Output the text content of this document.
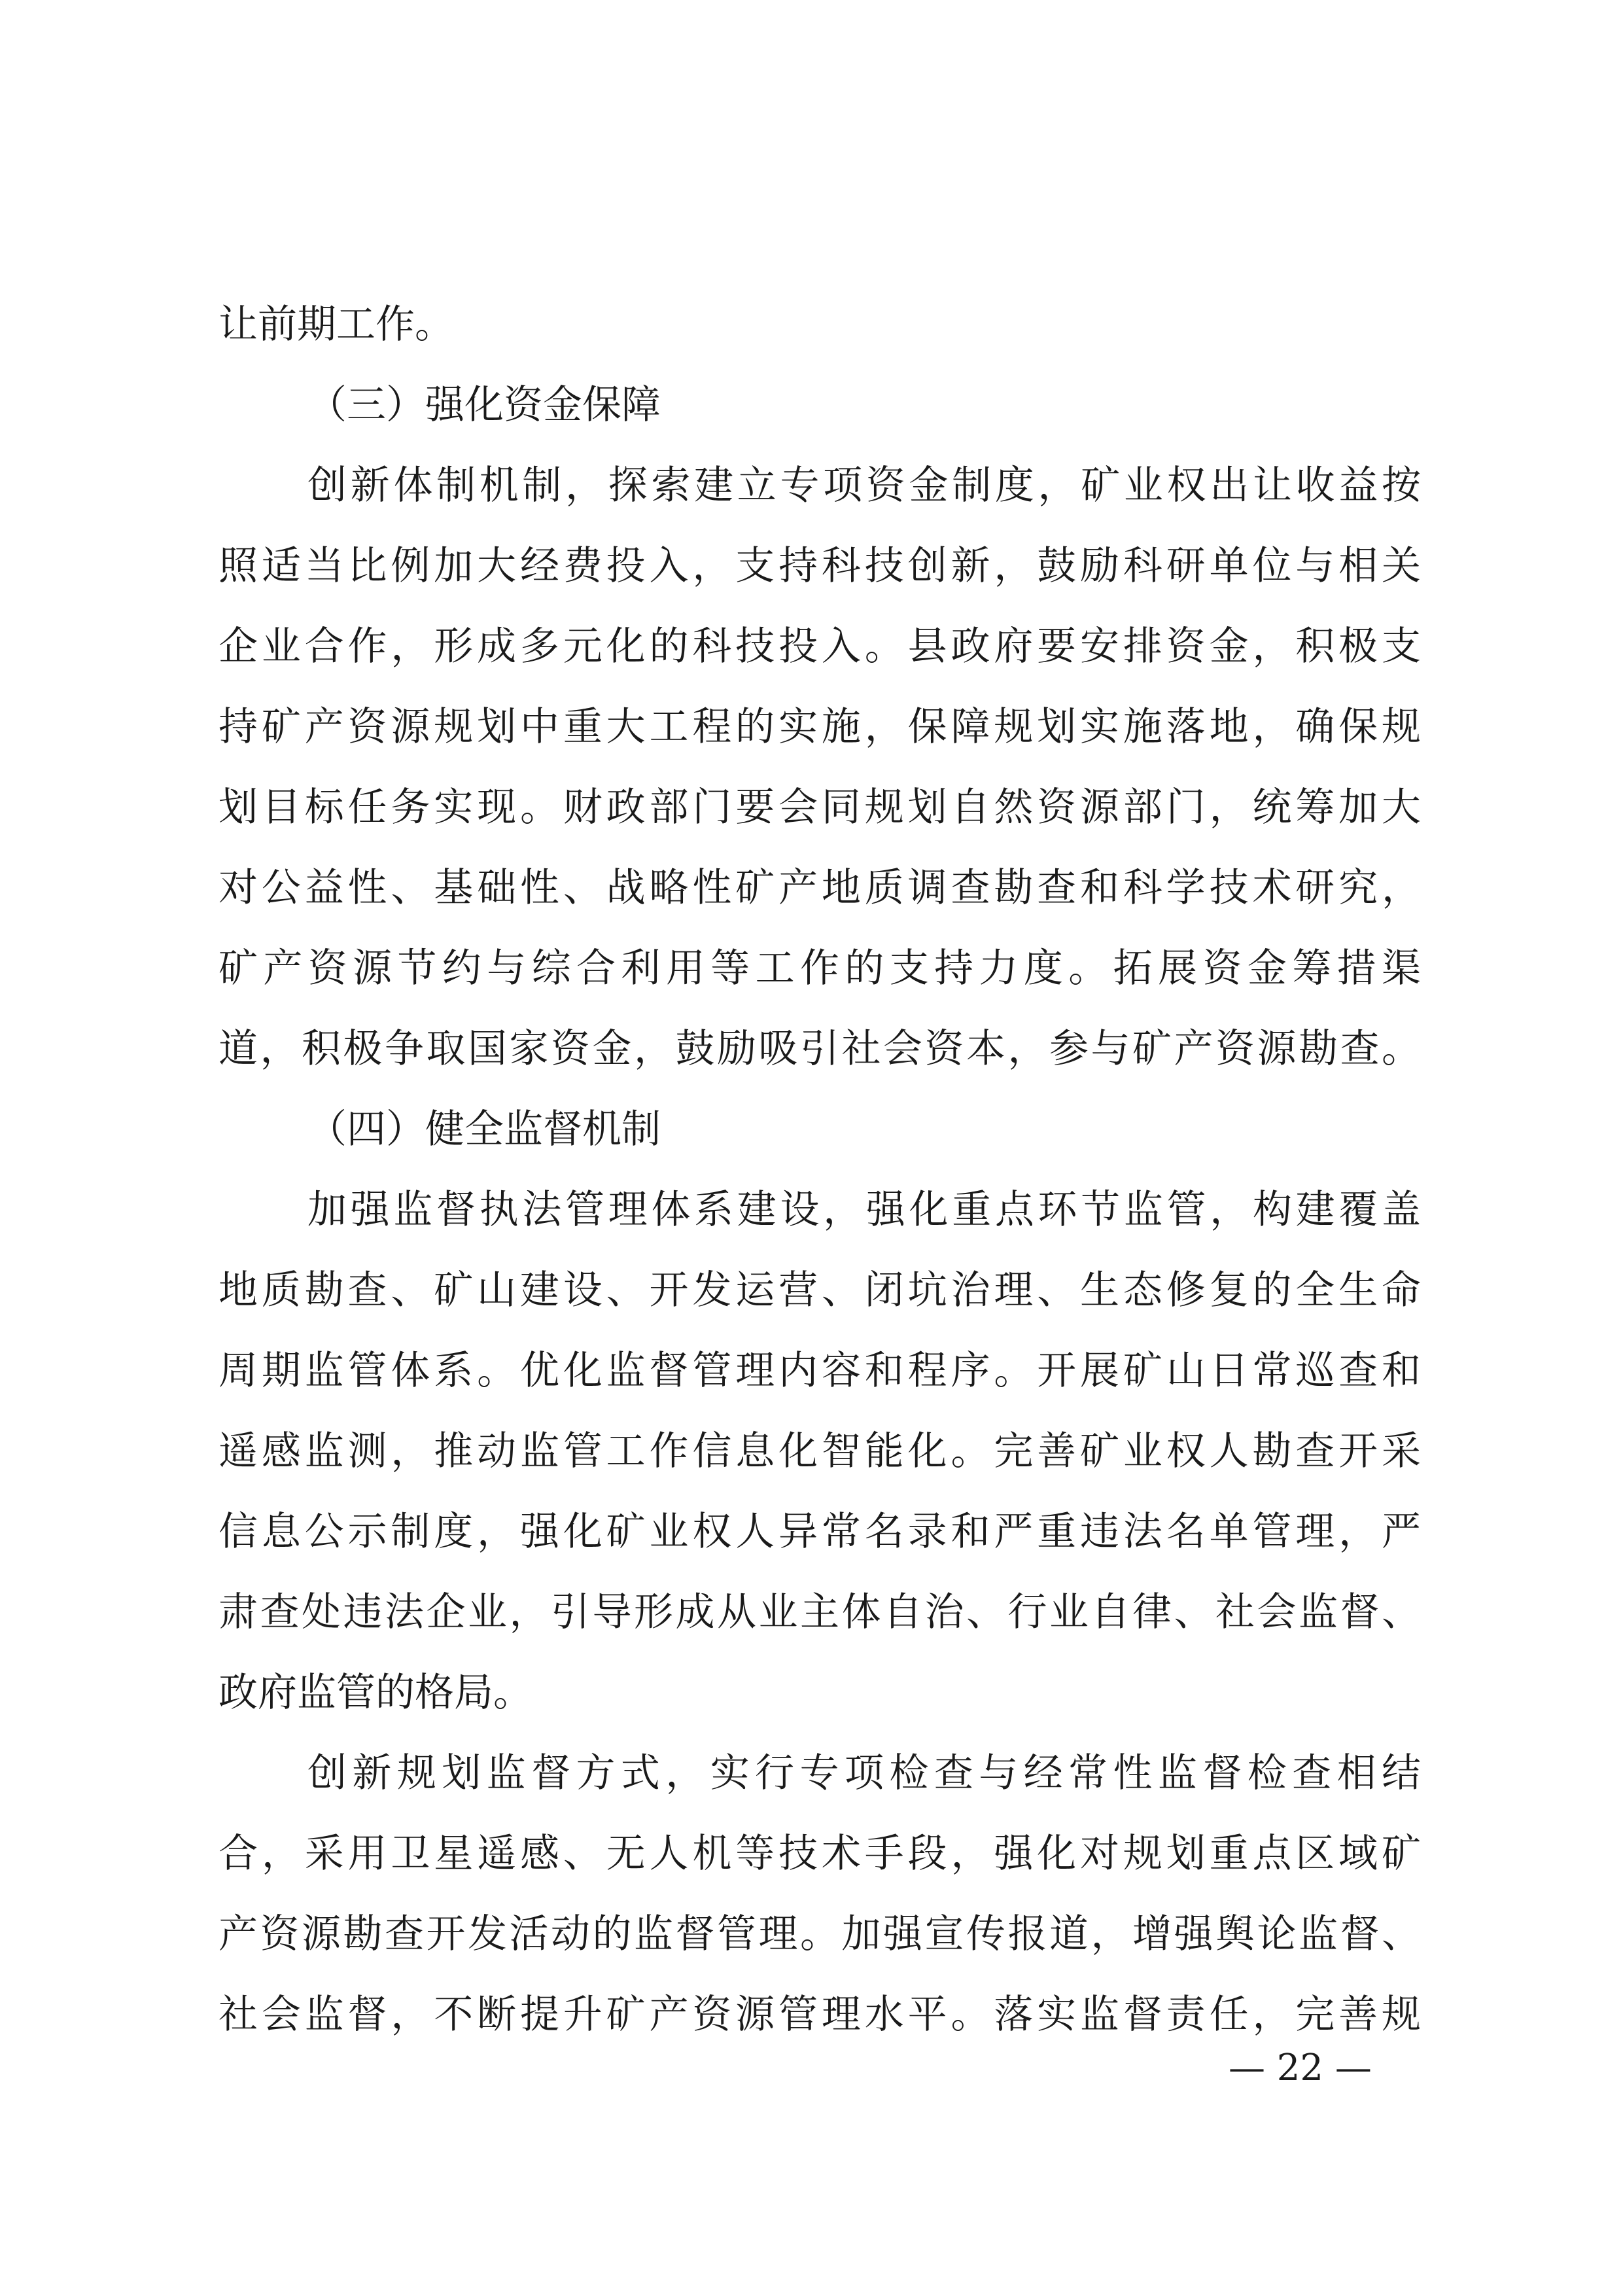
让前期工作。
（三）强化资金保障
创新体制机制，探索建立专项资金制度，矿业权出让收益按
照适当比例加大经费投入，支持科技创新，鼓励科研单位与相关
企业合作，形成多元化的科技投入。县政府要安排资金，积极支
持矿产资源规划中重大工程的实施，保障规划实施落地，确保规
划目标任务实现。财政部门要会同规划自然资源部门，统筹加大
对公益性、基础性、战略性矿产地质调查勘查和科学技术研究，
矿产资源节约与综合利用等工作的支持力度。拓展资金筹措渠
道，积极争取国家资金，鼓励吸引社会资本，参与矿产资源勘查。
（四）健全监督机制
加强监督执法管理体系建设，强化重点环节监管，构建覆盖
地质勘查、矿山建设、开发运营、闭坑治理、生态修复的全生命
周期监管体系。优化监督管理内容和程序。开展矿山日常巡查和
遥感监测，推动监管工作信息化智能化。完善矿业权人勘查开采
信息公示制度，强化矿业权人异常名录和严重违法名单管理，严
肃查处违法企业，引导形成从业主体自治、行业自律、社会监督、
政府监管的格局。
创新规划监督方式，实行专项检查与经常性监督检查相结
合，采用卫星遥感、无人机等技术手段，强化对规划重点区域矿
产资源勘查开发活动的监督管理。加强宣传报道，增强舆论监督、
社会监督，不断提升矿产资源管理水平。落实监督责任，完善规
— 22 —
